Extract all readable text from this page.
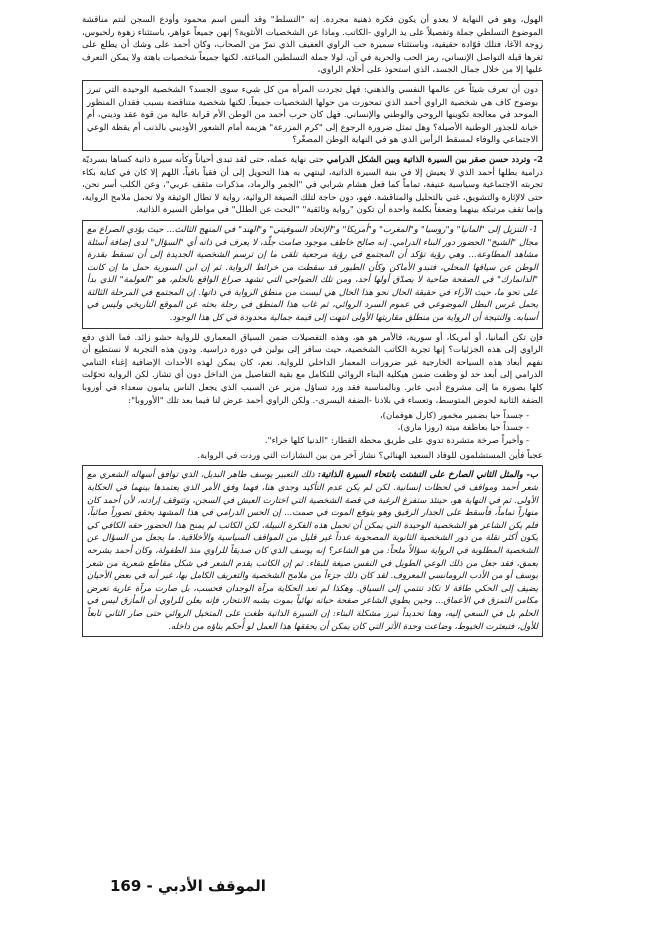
الهول، وهو في النهاية لا يعدو أن يكون فكرة ذهنية مجردة. إنه "التسلط" وقد ألبس اسم محمود وأودع السجن لنتم مناقشة الموضوع التسلطي جملة وتفصيلاً على يد الراوي -الكاتب. وماذا عن الشخصيات الأنثوية؟ إنهن جميعاً عواهر، باستثناء زهوة رلحبوس، زوجة الآغا، فتلك قوّادة حقيقية، وباستثناء سميرة حب الراوي العفيف الذي تمرّ من الصحاب، وكان أحمد على وشك أن يطلع على ثغرها قبلة التواصل الإنساني، رمز الحب والحرية في آن، لولا جملة التسلطين المباغتة. لكنها جميعاً شخصيات باهتة ولا يمكن التعرف عليها إلا من خلال جمال الجسد، الذي استحوذ على أحلام الراوي،

دون أن تعرف شيئاً عن عالمها النفسي والذهني: فهل تجردت المرأة من كل شيء سوى الجسد؟ الشخصية الوحيدة التي تبرز بوضوح كاف هي شخصية الراوي أحمد الذي تمحورت من حولها الشخصيات جميعاً. لكنها شخصية متناقضة بسبب فقدان المنظور الموحد في معالجة تكوينها الروحي والوطني والإنساني. فهل كان حرب أحمد من الوطن الأم قرابة عالية من قوة عقد وديني، أم خيانة للجذور الوطنية الأصيلة؟ وهل تمثل ضرورة الرجوع إلى "كرم المزرعة" هزيمة أمام الشعور الأوديبي بالذنب أم يقظة الوعي الاجتماعي والوفاء لمسقط الرأس الذي هو في النهاية الوطن المصغّر؟

2- وتردد حسن صقر بين السيرة الذاتية وبين الشكل الدرامي حتى نهاية عمله، حتى لقد تبدى أحياناً وكأنه سيرة ذاتية كساها بسرديّة درامية بطلها أحمد الذي لا يعيش إلا في بنية السيرة الذاتية، لينتهي به هذا التحويل إلى أن فقياً بافياً، اللهم إلا كان في كتابة بكاء تجربته الاجتماعية وسياسية عنيفة، تماماً كما فعل هشام شرابي في "الجمر والرماد، مذكرات مثقف عربي"، وعن الكلب أسر نحن، حتى لالإثارة والتشويق، غني بالتحليل والمناقشة. فهو، دون حاجة لتلك الصيغة الروائية، رواية لا تطال الوثيقة ولا تحمل ملامح الرواية، وإنما تقف مرتبكة بينهما وضعفاً بكلمة واحدة أن تكون "رواية وثائقية" "البحث عن الطلل" في مواطن السيرة الذاتية.

1- التنزيل إلى "المانيا" و"روسيا" و"المغرب" و"أمريكا" و"الإتحاد السوفيتي" و"الهند" في المنهج الثالث... حيث يؤدي الصراع مع مجال "الشيخ" الحضور دور البناء الدرامي. إنه صالح خاطف موجود صامت جلّد، لا يعرف في ذاته أي "السؤال" لدى إضافة أسئلة مشاهد المطاوعة... وهي رؤية تؤكد أن المجتمع في رؤية مرجعية تلقى ما إن ترسم الشخصية الجديدة إلى أن تسقط بقدرة الوطن عن سياقها المحلي، فتبدو الأماكن وكأن الطيور قد سقطت من خرائط الرواية. ثم إن ابن السورية حمل ما إن كانت "الدانمارك" في الصفحة ضاحية لا يصدّق أولها أحد، ومن تلك الضواحي التي تشهد صراع الواقع بالحلم، هو "العولمة" الذي بدأ على نحو ما، حيث الآراء في حقيقة الحال نحو هذا الحال هي ليست من منطق الرواية في ذاتها. إن المجتمع في المرحلة الثالثة يحمل غرس البطل الموضوعي في عموم السرد الروائي، ثم غاب هذا المنطق في رحلة بحثه عن الموقع التاريخي وليس في أسبابه. والنتيجة أن الرواية من منطلق مقاربتها الأولى انتهت إلى قيمة جمالية محدودة في كل هذا الوجود.

فإن تكن ألمانيا، أو أمريكا، أو سورية، فالأمر هو هو، وهذه التفصيلات ضمن السياق المعماري للرواية حشو زائد. فما الذي دفع الراوي إلى هذه الجزئيات؟ إنها تجربة الكاتب الشخصية، حيث سافر إلى بولين في دورة دراسية. ودون هذه التجربة لا نستطيع أن نفهم أبعاد هذه السياحة الخارجية غير ضرورات المعمار الداخلي للرواية. نعم، كان يمكن لهذه الأحداث الإضافية إغناء التنامي الدرامي إلى أبعد حد لو وظفت ضمن هيكلية البناء الروائي للتكامل مع بقية التفاصيل من الداخل دون أي تشاز. لكن الرواية تحوّلت كلها بصورة ما إلى مشروع أدبي عابر. وبالمناسبة فقد ورد تساؤل مرير عن السبب الذي يجعل الناس ينامون سعداء في أوروبا الضفة الثانية لحوض المتوسط، وتعساء في بلادنا -الضفة اليسرى-. ولكن الراوي أحمد عرض لنا فيما بعد تلك "الأوروبا":

- جسداً حيا بضمير مخمور (كارل هوفمان)،
- جسداً حيا بعاطفة ميتة (روزا ماري)،
- وأخيراً صرخة متشردة تدوي على طريق محطة القطار: "الدنيا كلها خراء".

عجباً فأين المستشلمون للوفاد السعيد الهنائي؟ نشاز آخر من بين النشازات التي وردت في الرواية.

ب- والمثل الثاني الصارخ على التشتت بانتحاء السيرة الذاتية: ذلك التعبير يوسف طاهر البديل، الذي توافق أسهاله الشعري مع شعر أحمد ومواقف في لحظات إنسانية. لكن لم يكن عدم التأكيد وجدي هنا، فهما وفق الأمر الذي يعتمدها بينهما في الحكاية الأولى. ثم في النهاية هو، حينئذ ستفرغ الرغبة في قصة الشخصية التي اختارت العيش في السجن، وتتوقف إرادته، لأن أحمد كان منهاراً تماماً، فأسقط على الجدار الرقيق وهو يتوقع الموت في صمت... إن الحس الدرامي في هذا المشهد يحقق تصوراً صائباً، فلم يكن الشاعر هو الشخصية الوحيدة التي يمكن أن تحمل هذه الفكرة النبيلة، لكن الكاتب لم يمنح هذا الحضور حقه الكافي كي يكون أكثر نقلة من دور الشخصية الثانوية المصحوبة عدداً غير قليل من المواقف السياسية والأخلاقية. ما يجعل من السؤال عن الشخصية المطلوبة في الرواية سؤالاً ملحاً: من هو الشاعر؟ إنه يوسف الذي كان صديقاً للراوي منذ الطفولة، وكان أحمد يشرحه بعمق، فقد جعل من ذلك الوعي الطويل في النفس صيغة للبقاء. ثم إن الكاتب يقدم الشعر في شكل مقاطع شعرية من شعر يوسف أو من الأدب الرومانسي المعروف. لقد كان ذلك جزءاً من ملامح الشخصية والتعريف الكامل بها، غير أنه في بعض الأحيان يضيف إلى الحكي طاقة لا تكاد تنتمي إلى السياق. وهكذا لم تعد الحكاية مرآة الوجدان فحسب، بل صارت مرآة عارية تعرض مكامن التمزق في الأعماق... وحين يطوي الشاعر صفحة حياته نهائياً بموت يشبه الانتحار، فإنه يعلن للراوي أن المأزق ليس في الحلم بل في السعي إليه، وهنا تحديداً تبرز مشكلة البناء: إن السيرة الذاتية طغت على المتخيل الروائي حتى صار الثاني تابعاً للأول، فتبعثرت الخيوط، وضاعت وحدة الأثر التي كان يمكن أن يحققها هذا العمل لو أُحكم بناؤه من داخله.

الموقف الأدبي - 169
